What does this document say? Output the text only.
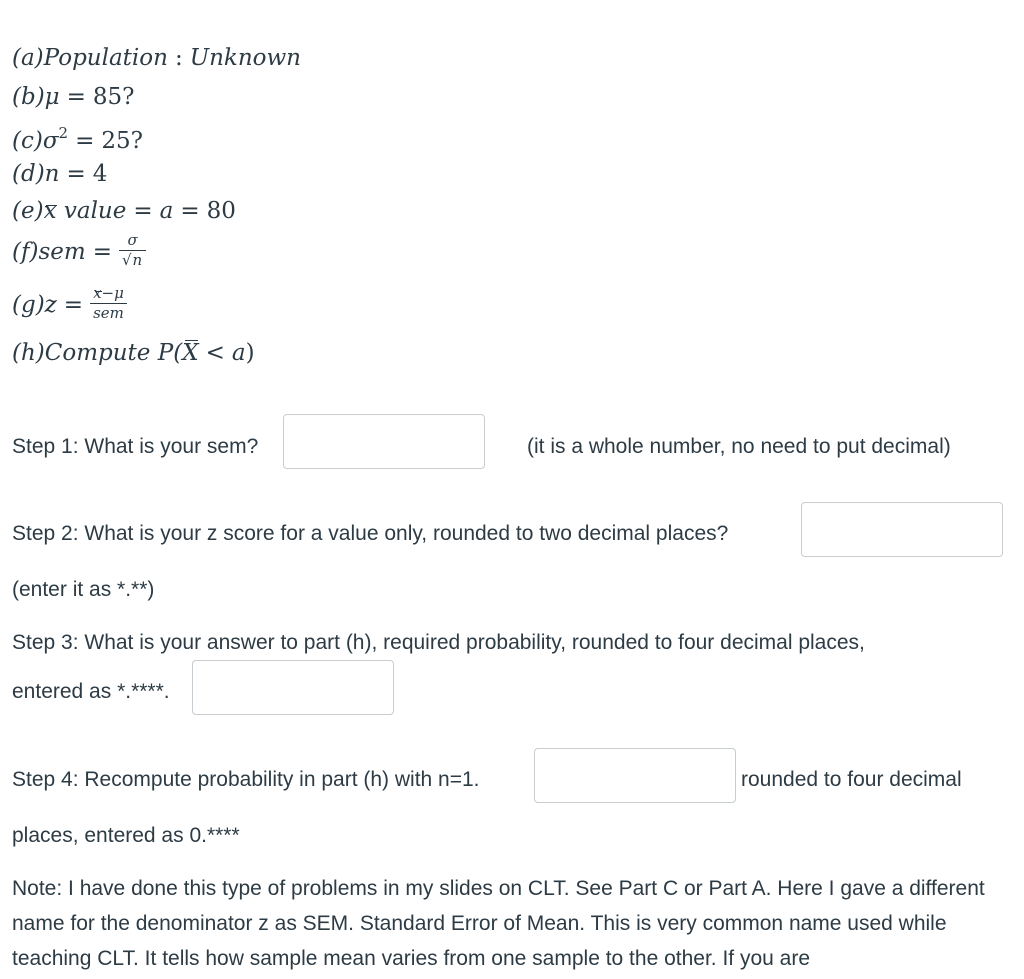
(a)Population : Unknown
(b)μ = 85?
$(c)\sigma^2 = 25$?
(d)n = 4
(e)x value = a = 80
$(f)sem = \frac{\sigma}{√n}$
$(g)z = \frac{x-\mu}{\text{sem}}$
(h)Compute P(X < a)
Step 1: What is your sem?	(it is a whole number, no need to put decimal)
Step 2: What is your z score for a value only, rounded to two decimal places?
(enter it as *.**)
Step 3: What is your answer to part (h), required probability, rounded to four decimal places,
entered as *.****.
Step 4: Recompute probability in part (h) with n=1.	rounded to four decimal
places, entered as 0.****
Note: I have done this type of problems in my slides on CLT. See Part C or Part A. Here I gave a different name for the denominator z as SEM. Standard Error of Mean. This is very common name used while teaching CLT. It tells how sample mean varies from one sample to the other. If you are
